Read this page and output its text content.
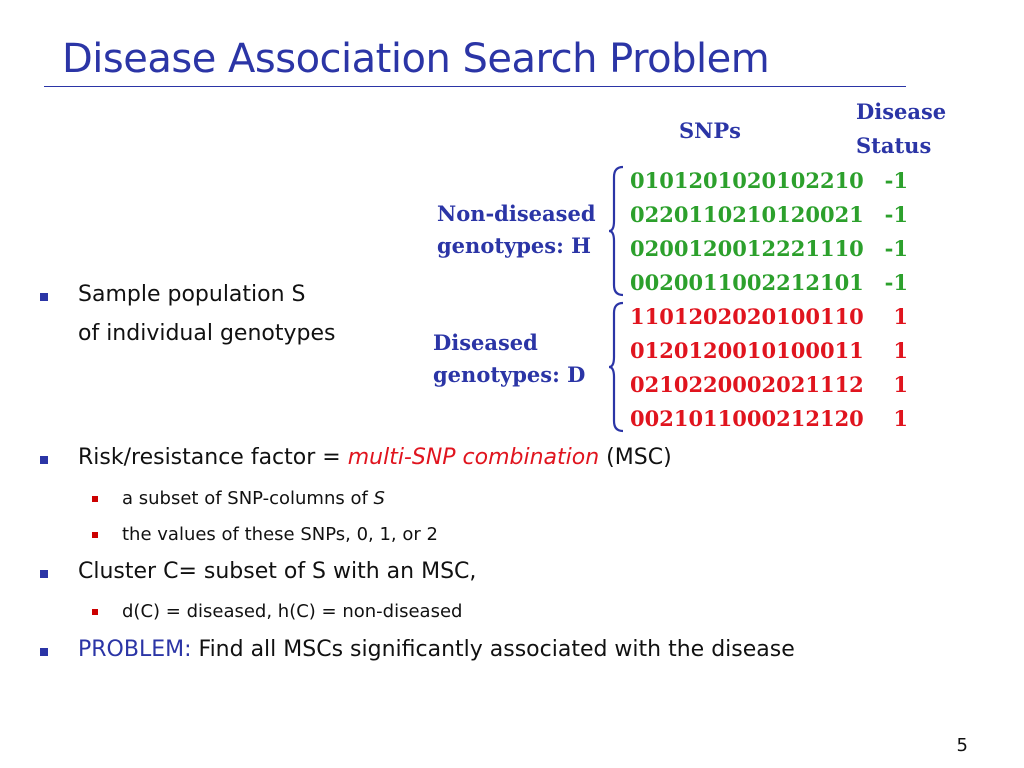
Disease Association Search Problem
SNPs
Disease
Status
Non-diseased
genotypes: H
Diseased
genotypes: D
0101201020102210 -1
0220110210120021 -1
0200120012221110 -1
0020011002212101 -1
1101202020100110	1
0120120010100011	1
0210220002021112	1
0021011000212120	1
Sample population S
of individual genotypes
Risk/resistance factor = multi-SNP combination (MSC)
a subset of SNP-columns of S
the values of these SNPs, 0, 1, or 2
Cluster C= subset of S with an MSC,
d(C) = diseased, h(C) = non-diseased
PROBLEM: Find all MSCs significantly associated with the disease
5
